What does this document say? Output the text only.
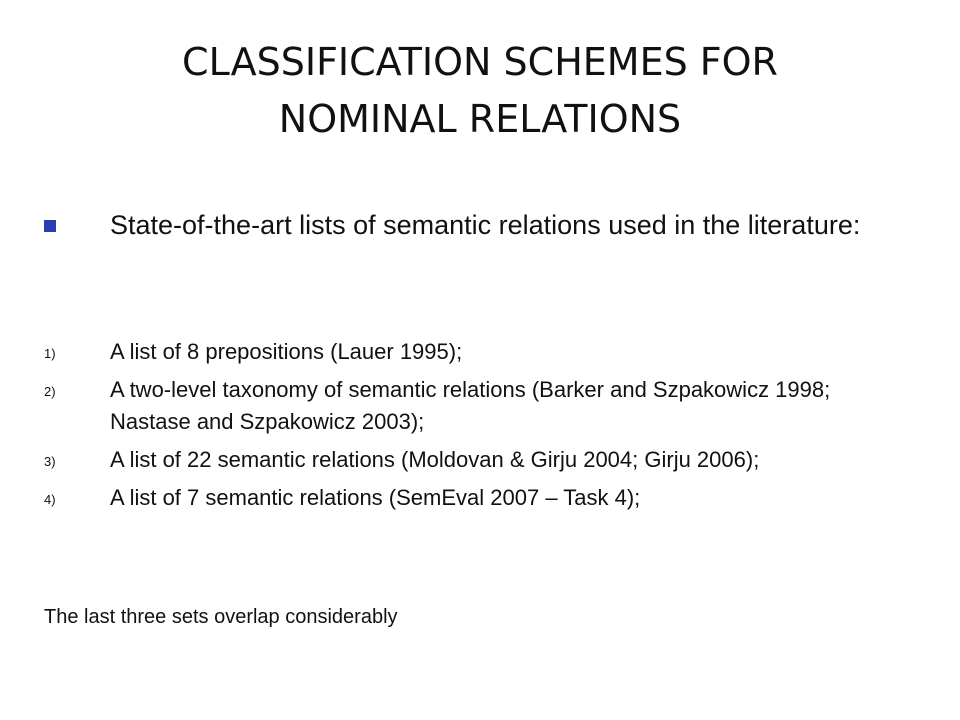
CLASSIFICATION SCHEMES FOR
NOMINAL RELATIONS
State-of-the-art lists of semantic relations used in the literature:
1) A list of 8 prepositions (Lauer 1995);
2) A two-level taxonomy of semantic relations (Barker and Szpakowicz 1998; Nastase and Szpakowicz 2003);
3) A list of 22 semantic relations (Moldovan & Girju 2004; Girju 2006);
4) A list of 7 semantic relations (SemEval 2007 – Task 4);
The last three sets overlap considerably
